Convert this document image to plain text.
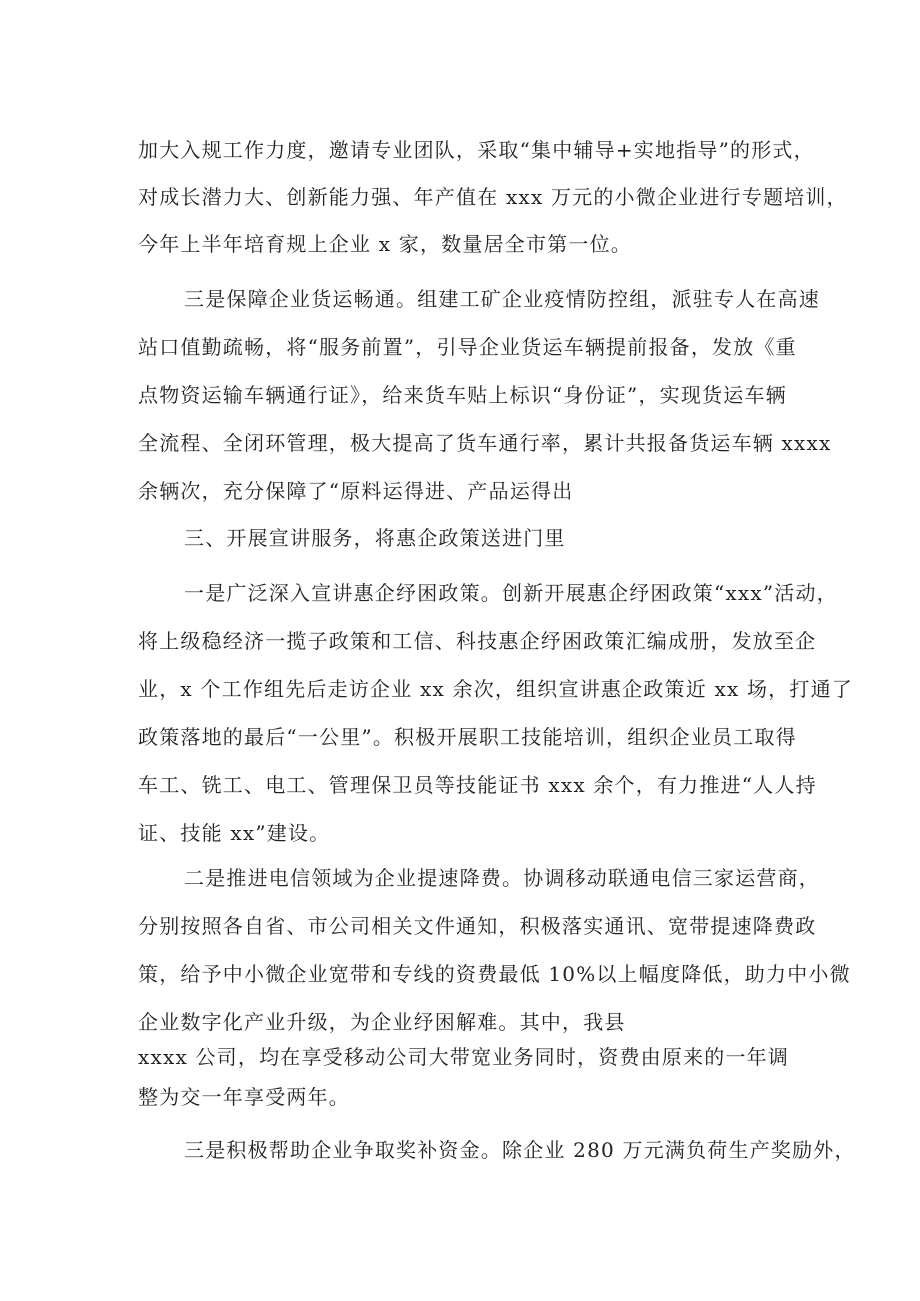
加大入规工作力度，邀请专业团队，采取“集中辅导+实地指导”的形式，
对成长潜力大、创新能力强、年产值在 xxx 万元的小微企业进行专题培训，
今年上半年培育规上企业 x 家，数量居全市第一位。
三是保障企业货运畅通。组建工矿企业疫情防控组，派驻专人在高速
站口值勤疏畅，将“服务前置”，引导企业货运车辆提前报备，发放《重
点物资运输车辆通行证》，给来货车贴上标识“身份证”，实现货运车辆
全流程、全闭环管理，极大提高了货车通行率，累计共报备货运车辆 xxxx
余辆次，充分保障了“原料运得进、产品运得出
三、开展宣讲服务，将惠企政策送进门里
一是广泛深入宣讲惠企纾困政策。创新开展惠企纾困政策“xxx”活动，
将上级稳经济一揽子政策和工信、科技惠企纾困政策汇编成册，发放至企
业，x 个工作组先后走访企业 xx 余次，组织宣讲惠企政策近 xx 场，打通了
政策落地的最后“一公里”。积极开展职工技能培训，组织企业员工取得
车工、铣工、电工、管理保卫员等技能证书 xxx 余个，有力推进“人人持
证、技能 xx”建设。
二是推进电信领域为企业提速降费。协调移动联通电信三家运营商，
分别按照各自省、市公司相关文件通知，积极落实通讯、宽带提速降费政
策，给予中小微企业宽带和专线的资费最低 10%以上幅度降低，助力中小微
企业数字化产业升级，为企业纾困解难。其中，我县
xxxx 公司，均在享受移动公司大带宽业务同时，资费由原来的一年调
整为交一年享受两年。
三是积极帮助企业争取奖补资金。除企业 280 万元满负荷生产奖励外，
